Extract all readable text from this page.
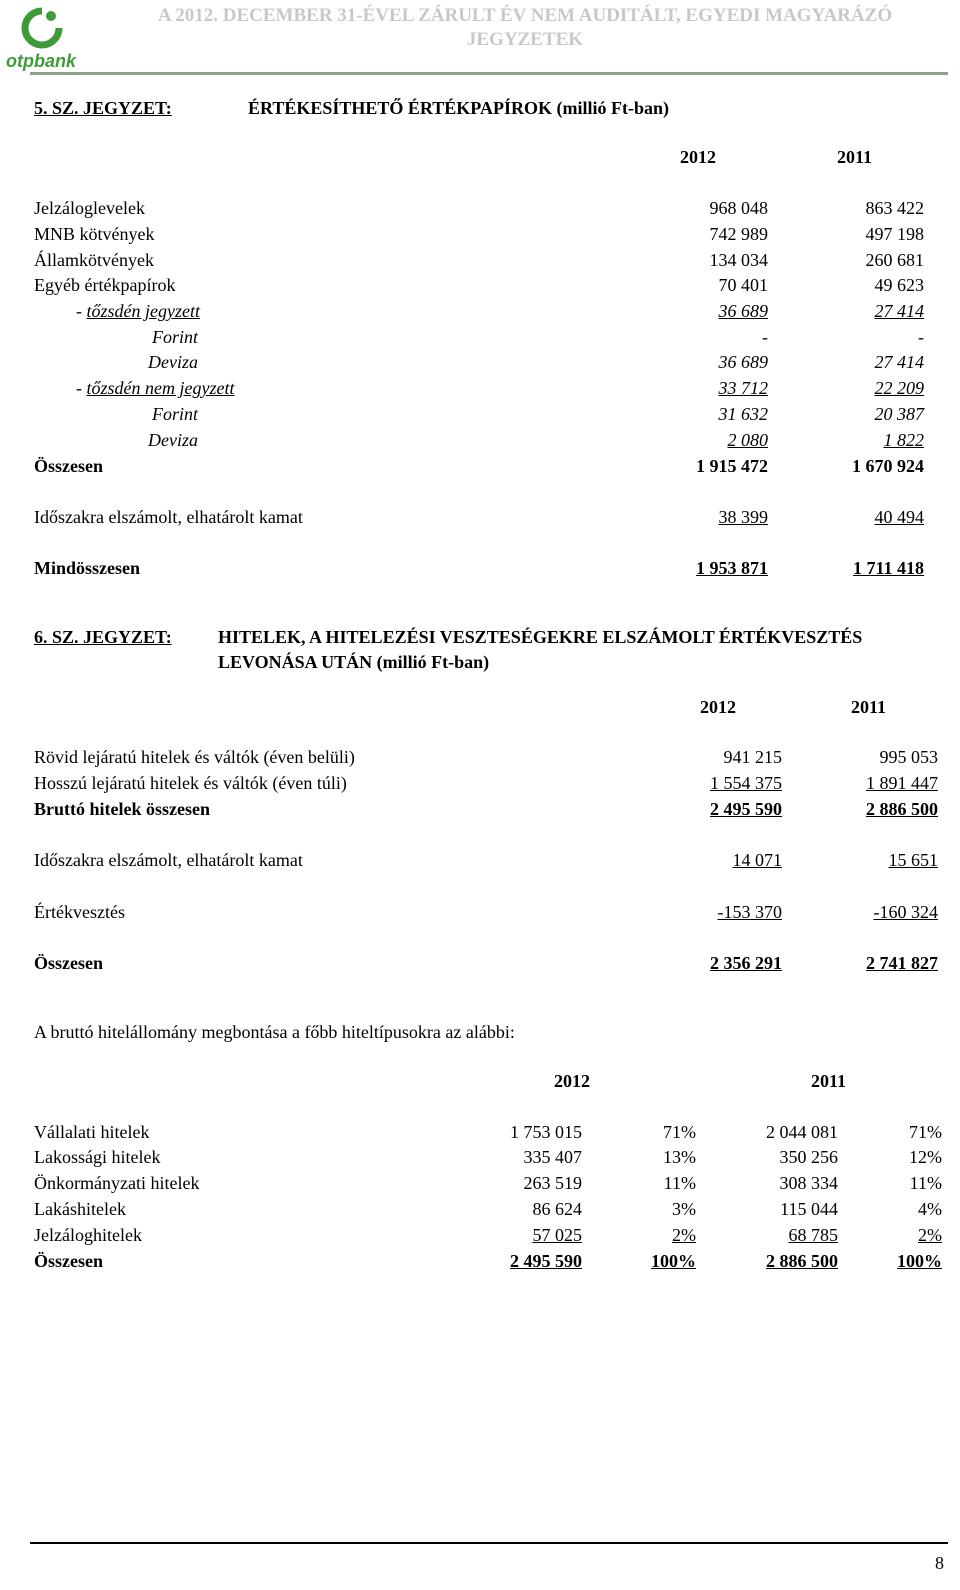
otpbank
A 2012. DECEMBER 31-ÉVEL ZÁRULT ÉV NEM AUDITÁLT, EGYEDI MAGYARÁZÓ JEGYZETEK
5. SZ. JEGYZET:	ÉRTÉKESÍTHETŐ ÉRTÉKPAPÍROK (millió Ft-ban)
2012	2011
Jelzáloglevelek	968 048	863 422
MNB kötvények	742 989	497 198
Államkötvények	134 034	260 681
Egyéb értékpapírok	70 401	49 623
- tőzsdén jegyzett	36 689	27 414
Forint	-	-
Deviza	36 689	27 414
- tőzsdén nem jegyzett	33 712	22 209
Forint	31 632	20 387
Deviza	2 080	1 822
Összesen	1 915 472	1 670 924
Időszakra elszámolt, elhatárolt kamat	38 399	40 494
Mindösszesen	1 953 871	1 711 418
6. SZ. JEGYZET:	HITELEK, A HITELEZÉSI VESZTESÉGEKRE ELSZÁMOLT ÉRTÉKVESZTÉS
LEVONÁSA UTÁN (millió Ft-ban)
2012	2011
Rövid lejáratú hitelek és váltók (éven belüli)	941 215	995 053
Hosszú lejáratú hitelek és váltók (éven túli)	1 554 375	1 891 447
Bruttó hitelek összesen	2 495 590	2 886 500
Időszakra elszámolt, elhatárolt kamat	14 071	15 651
Értékvesztés	-153 370	-160 324
Összesen	2 356 291	2 741 827
A bruttó hitelállomány megbontása a főbb hiteltípusokra az alábbi:
2012	2011
Vállalati hitelek	1 753 015	71%	2 044 081	71%
Lakossági hitelek	335 407	13%	350 256	12%
Önkormányzati hitelek	263 519	11%	308 334	11%
Lakáshitelek	86 624	3%	115 044	4%
Jelzáloghitelek	57 025	2%	68 785	2%
Összesen	2 495 590	100%	2 886 500	100%
8
